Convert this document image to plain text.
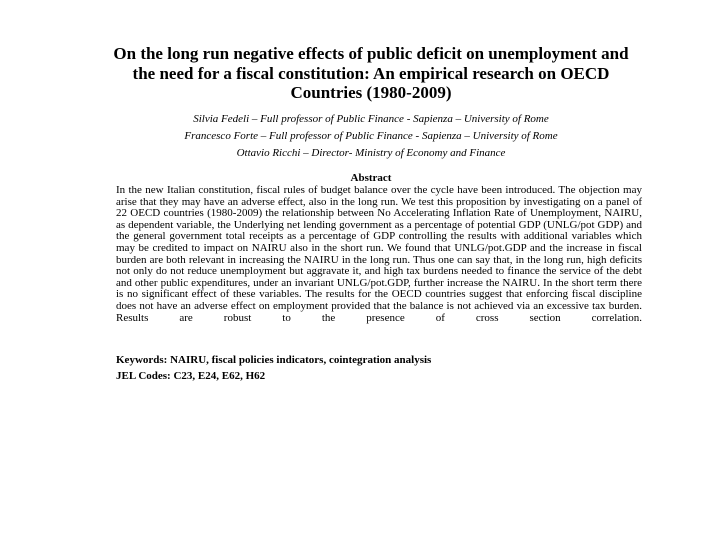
On the long run negative effects of public deficit on unemployment and the need for a fiscal constitution: An empirical research on OECD Countries (1980-2009)
Silvia Fedeli – Full professor of Public Finance - Sapienza – University of Rome
Francesco Forte – Full professor of Public Finance - Sapienza – University of Rome
Ottavio Ricchi – Director- Ministry of Economy and Finance
Abstract
In the new Italian constitution, fiscal rules of budget balance over the cycle have been introduced. The objection may arise that they may have an adverse effect, also in the long run. We test this proposition by investigating on a panel of 22 OECD countries (1980-2009) the relationship between No Accelerating Inflation Rate of Unemployment, NAIRU, as dependent variable, the Underlying net lending government as a percentage of potential GDP (UNLG/pot GDP) and the general government total receipts as a percentage of GDP controlling the results with additional variables which may be credited to impact on NAIRU also in the short run. We found that UNLG/pot.GDP and the increase in fiscal burden are both relevant in increasing the NAIRU in the long run. Thus one can say that, in the long run, high deficits not only do not reduce unemployment but aggravate it, and high tax burdens needed to finance the service of the debt and other public expenditures, under an invariant UNLG/pot.GDP, further increase the NAIRU. In the short term there is no significant effect of these variables. The results for the OECD countries suggest that enforcing fiscal discipline does not have an adverse effect on employment provided that the balance is not achieved via an excessive tax burden. Results are robust to the presence of cross section correlation.
Keywords: NAIRU, fiscal policies indicators, cointegration analysis
JEL Codes: C23, E24, E62, H62
